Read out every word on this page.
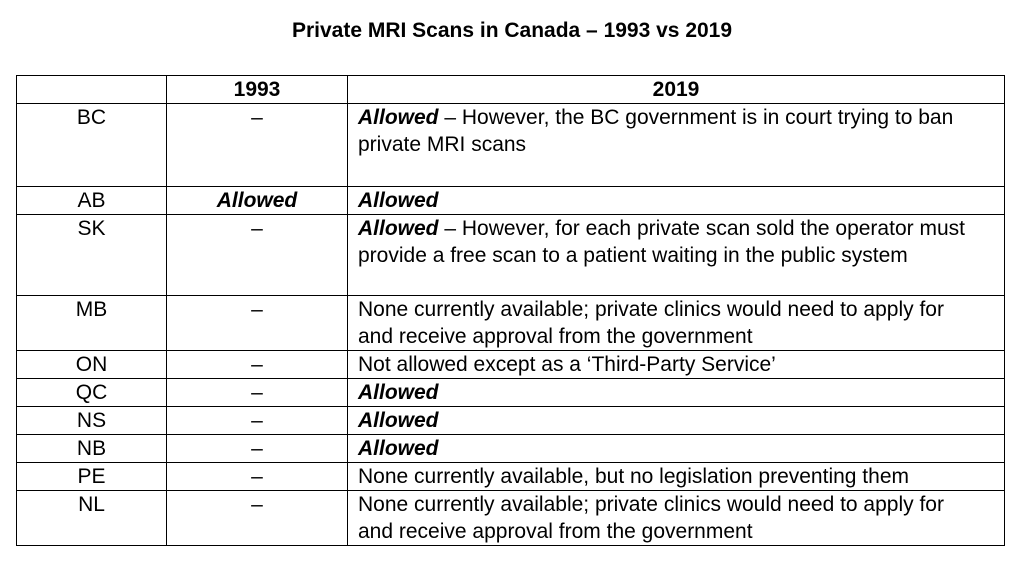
Private MRI Scans in Canada – 1993 vs 2019
	1993	2019
BC	–	Allowed – However, the BC government is in court trying to ban private MRI scans
AB	Allowed	Allowed
SK	–	Allowed – However, for each private scan sold the operator must provide a free scan to a patient waiting in the public system
MB	–	None currently available; private clinics would need to apply for and receive approval from the government
ON	–	Not allowed except as a ‘Third-Party Service’
QC	–	Allowed
NS	–	Allowed
NB	–	Allowed
PE	–	None currently available, but no legislation preventing them
NL	–	None currently available; private clinics would need to apply for and receive approval from the government
